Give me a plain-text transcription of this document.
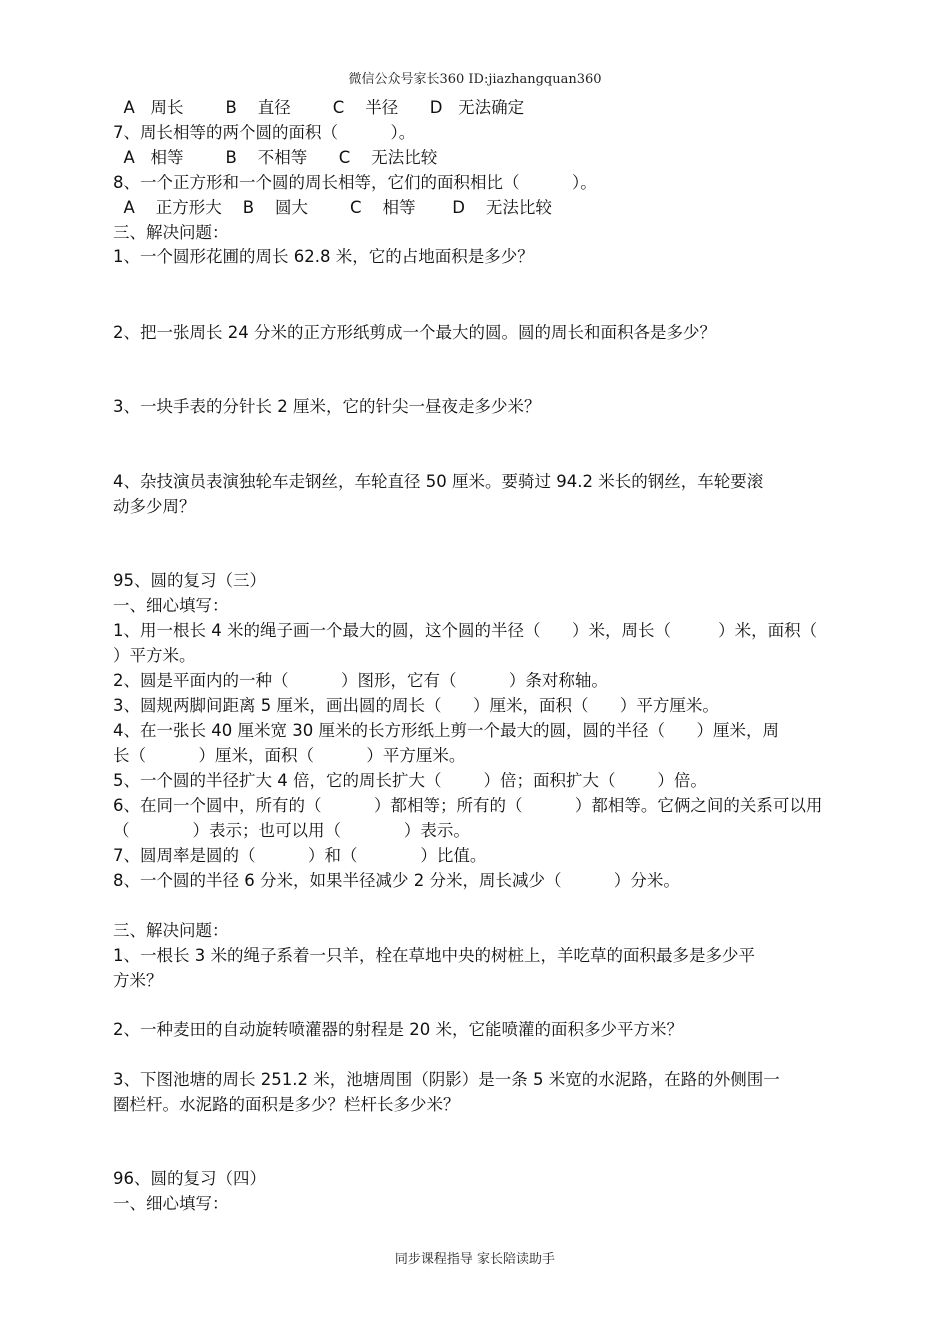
微信公众号家长360 ID:jiazhangquan360
A   周长        B    直径        C    半径      D   无法确定
7、周长相等的两个圆的面积（          ）。
A   相等        B    不相等      C    无法比较
8、一个正方形和一个圆的周长相等，它们的面积相比（          ）。
A    正方形大    B    圆大        C    相等       D    无法比较
三、解决问题：
1、一个圆形花圃的周长 62.8 米，它的占地面积是多少？
2、把一张周长 24 分米的正方形纸剪成一个最大的圆。圆的周长和面积各是多少？
3、一块手表的分针长 2 厘米，它的针尖一昼夜走多少米？
4、杂技演员表演独轮车走钢丝，车轮直径 50 厘米。要骑过 94.2 米长的钢丝，车轮要滚
动多少周？
95、圆的复习（三）
一、细心填写：
1、用一根长 4 米的绳子画一个最大的圆，这个圆的半径（      ）米，周长（         ）米，面积（
）平方米。
2、圆是平面内的一种（          ）图形，它有（          ）条对称轴。
3、圆规两脚间距离 5 厘米，画出圆的周长（      ）厘米，面积（      ）平方厘米。
4、在一张长 40 厘米宽 30 厘米的长方形纸上剪一个最大的圆，圆的半径（      ）厘米，周
长（          ）厘米，面积（          ）平方厘米。
5、一个圆的半径扩大 4 倍，它的周长扩大（        ）倍；面积扩大（        ）倍。
6、在同一个圆中，所有的（          ）都相等；所有的（          ）都相等。它俩之间的关系可以用
（            ）表示；也可以用（            ）表示。
7、圆周率是圆的（          ）和（            ）比值。
8、一个圆的半径 6 分米，如果半径减少 2 分米，周长减少（          ）分米。
三、解决问题：
1、一根长 3 米的绳子系着一只羊，栓在草地中央的树桩上，羊吃草的面积最多是多少平
方米？
2、一种麦田的自动旋转喷灌器的射程是 20 米，它能喷灌的面积多少平方米？
3、下图池塘的周长 251.2 米，池塘周围（阴影）是一条 5 米宽的水泥路，在路的外侧围一
圈栏杆。水泥路的面积是多少？栏杆长多少米？
96、圆的复习（四）
一、细心填写：
同步课程指导 家长陪读助手
